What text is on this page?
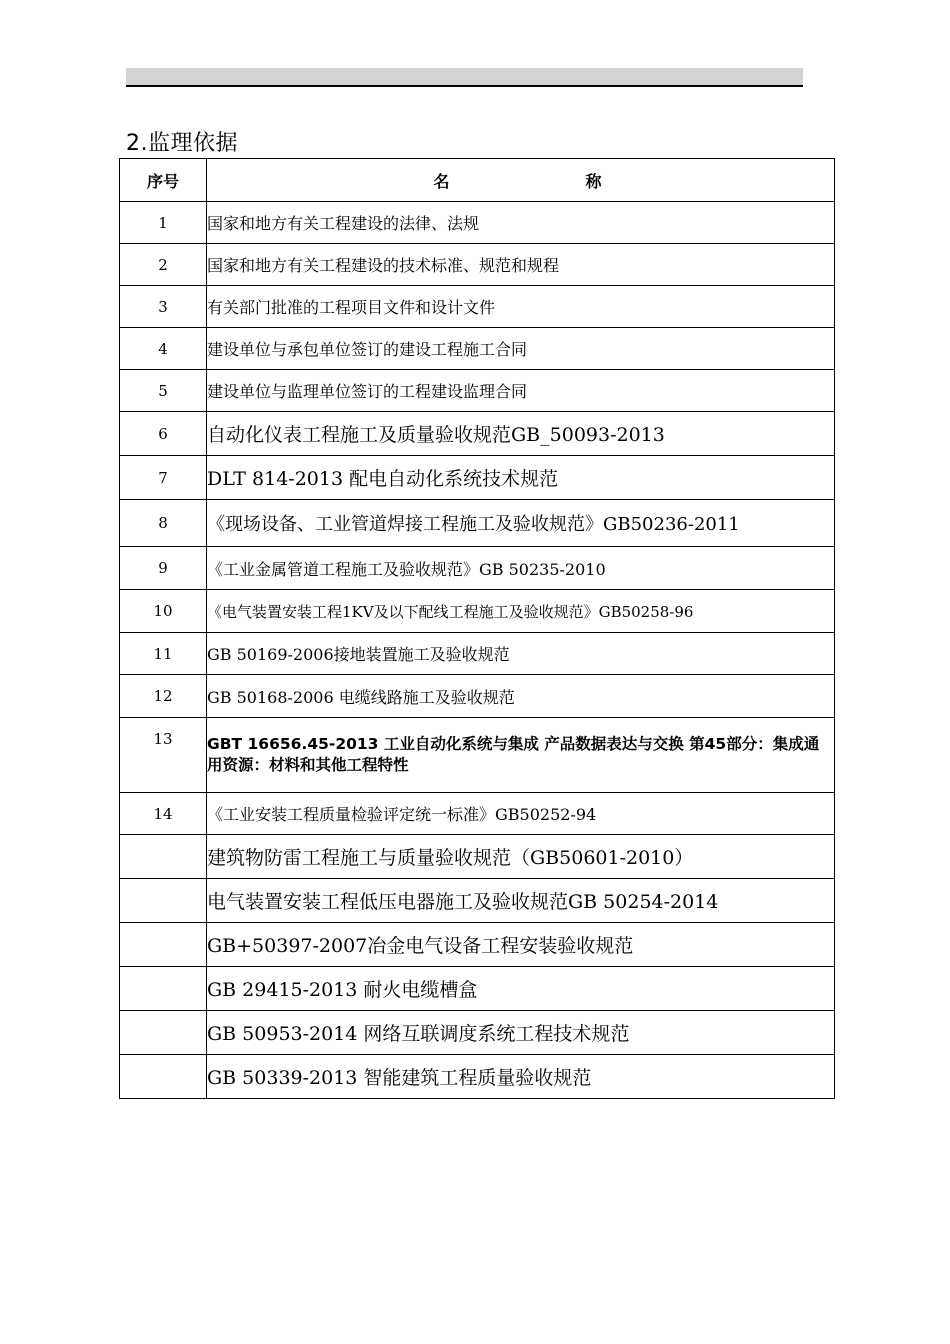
2.监理依据
序号	名 称
1	国家和地方有关工程建设的法律、法规
2	国家和地方有关工程建设的技术标准、规范和规程
3	有关部门批准的工程项目文件和设计文件
4	建设单位与承包单位签订的建设工程施工合同
5	建设单位与监理单位签订的工程建设监理合同
6	自动化仪表工程施工及质量验收规范GB_50093-2013
7	DLT 814-2013 配电自动化系统技术规范
8	《现场设备、工业管道焊接工程施工及验收规范》GB50236-2011
9	《工业金属管道工程施工及验收规范》GB 50235-2010
10	《电气装置安装工程1KV及以下配线工程施工及验收规范》GB50258-96
11	GB 50169-2006接地装置施工及验收规范
12	GB 50168-2006 电缆线路施工及验收规范
13	GBT 16656.45-2013 工业自动化系统与集成 产品数据表达与交换 第45部分：集成通用资源：材料和其他工程特性
14	《工业安装工程质量检验评定统一标准》GB50252-94
	建筑物防雷工程施工与质量验收规范（GB50601-2010）
	电气装置安装工程低压电器施工及验收规范GB 50254-2014
	GB+50397-2007冶金电气设备工程安装验收规范
	GB 29415-2013 耐火电缆槽盒
	GB 50953-2014 网络互联调度系统工程技术规范
	GB 50339-2013 智能建筑工程质量验收规范
